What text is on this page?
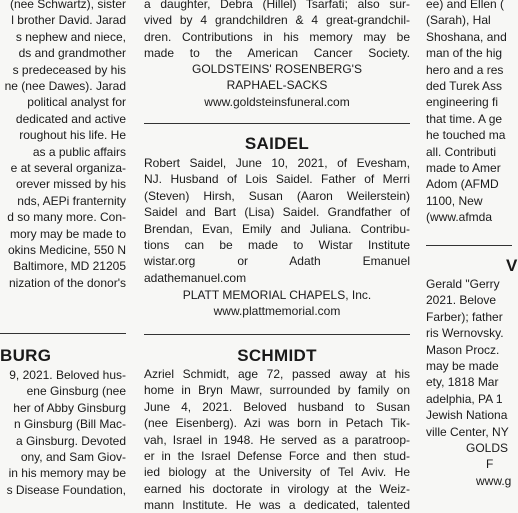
(nee Schwartz), sister
l brother David. Jarad
s nephew and niece,
ds and grandmother
s predeceased by his
ne (nee Dawes). Jarad
political analyst for
dedicated and active
roughout his life. He
as a public affairs
e at several organiza-
orever missed by his
nds, AEPi franternity
d so many more. Con-
mory may be made to
okins Medicine, 550 N
Baltimore, MD 21205
nization of the donor's
BURG
9, 2021. Beloved hus-
ene Ginsburg (nee
her of Abby Ginsburg
n Ginsburg (Bill Mac-
a Ginsburg. Devoted
ony, and Sam Giov-
in his memory may be
s Disease Foundation,
a daughter, Debra (Hillel) Tsarfati; also sur-
vived by 4 grandchildren & 4 great-grandchil-
dren. Contributions in his memory may be
made to the American Cancer Society.
GOLDSTEINS' ROSENBERG'S
RAPHAEL-SACKS
www.goldsteinsfuneral.com
SAIDEL
Robert Saidel, June 10, 2021, of Evesham,
NJ. Husband of Lois Saidel. Father of Merri
(Steven) Hirsh, Susan (Aaron Weilerstein)
Saidel and Bart (Lisa) Saidel. Grandfather of
Brendan, Evan, Emily and Juliana. Contribu-
tions can be made to Wistar Institute
wistar.org or Adath Emanuel
adathemanuel.com
PLATT MEMORIAL CHAPELS, Inc.
www.plattmemorial.com
SCHMIDT
Azriel Schmidt, age 72, passed away at his
home in Bryn Mawr, surrounded by family on
June 4, 2021. Beloved husband to Susan
(nee Eisenberg). Azi was born in Petach Tik-
vah, Israel in 1948. He served as a paratroop-
er in the Israel Defense Force and then stud-
ied biology at the University of Tel Aviv. He
earned his doctorate in virology at the Weiz-
mann Institute. He was a dedicated, talented
ee) and Ellen (
(Sarah), Hal
Shoshana, and
man of the hig
hero and a res
ded Turek Ass
engineering fi
that time. A ge
he touched ma
all. Contributi
made to Amer
Adom (AFMD
1100, New
(www.afmda
V
Gerald "Gerry
2021. Belove
Farber); father
ris Wernovsky.
Mason Procz.
may be made
ety, 1818 Mar
adelphia, PA 1
Jewish Nationa
ville Center, NY
GOLDS
F
www.g
